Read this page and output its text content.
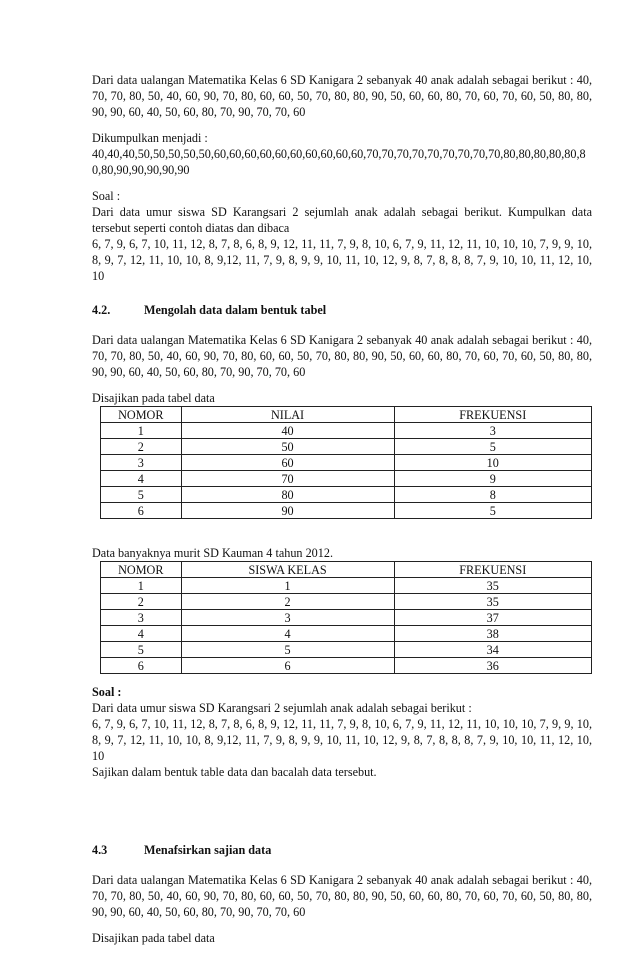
Dari data ualangan Matematika Kelas 6 SD Kanigara 2 sebanyak 40 anak adalah sebagai berikut : 40, 70, 70, 80, 50, 40, 60, 90, 70, 80, 60, 60, 50, 70, 80, 80, 90, 50, 60, 60, 80, 70, 60, 70, 60, 50, 80, 80, 90, 90, 60, 40, 50, 60, 80, 70, 90, 70, 70, 60

Dikumpulkan menjadi :

40,40,40,50,50,50,50,50,60,60,60,60,60,60,60,60,60,60,70,70,70,70,70,70,70,70,70,80,80,80,80,80,80,80,90,90,90,90,90

Soal :

Dari data umur siswa SD Karangsari 2 sejumlah anak adalah sebagai berikut. Kumpulkan data tersebut seperti contoh diatas dan dibaca

6, 7, 9, 6, 7, 10, 11, 12, 8, 7, 8, 6, 8, 9, 12, 11, 11, 7, 9, 8, 10, 6, 7, 9, 11, 12, 11, 10, 10, 10, 7, 9, 9, 10, 8, 9, 7, 12, 11, 10, 10, 8, 9,12, 11, 7, 9, 8, 9, 9, 10, 11, 10, 12, 9, 8, 7, 8, 8, 8, 7, 9, 10, 10, 11, 12, 10, 10

4.2.	Mengolah data dalam bentuk tabel

Dari data ualangan Matematika Kelas 6 SD Kanigara 2 sebanyak 40 anak adalah sebagai berikut : 40, 70, 70, 80, 50, 40, 60, 90, 70, 80, 60, 60, 50, 70, 80, 80, 90, 50, 60, 60, 80, 70, 60, 70, 60, 50, 80, 80, 90, 90, 60, 40, 50, 60, 80, 70, 90, 70, 70, 60

Disajikan pada tabel data

NOMOR	NILAI	FREKUENSI
1	40	3
2	50	5
3	60	10
4	70	9
5	80	8
6	90	5

Data banyaknya murit SD Kauman 4 tahun 2012.

NOMOR	SISWA KELAS	FREKUENSI
1	1	35
2	2	35
3	3	37
4	4	38
5	5	34
6	6	36

Soal :

Dari data umur siswa SD Karangsari 2 sejumlah anak adalah sebagai berikut :

6, 7, 9, 6, 7, 10, 11, 12, 8, 7, 8, 6, 8, 9, 12, 11, 11, 7, 9, 8, 10, 6, 7, 9, 11, 12, 11, 10, 10, 10, 7, 9, 9, 10, 8, 9, 7, 12, 11, 10, 10, 8, 9,12, 11, 7, 9, 8, 9, 9, 10, 11, 10, 12, 9, 8, 7, 8, 8, 8, 7, 9, 10, 10, 11, 12, 10, 10

Sajikan dalam bentuk table data dan bacalah data tersebut.

4.3	Menafsirkan sajian data

Dari data ualangan Matematika Kelas 6 SD Kanigara 2 sebanyak 40 anak adalah sebagai berikut : 40, 70, 70, 80, 50, 40, 60, 90, 70, 80, 60, 60, 50, 70, 80, 80, 90, 50, 60, 60, 80, 70, 60, 70, 60, 50, 80, 80, 90, 90, 60, 40, 50, 60, 80, 70, 90, 70, 70, 60

Disajikan pada tabel data
